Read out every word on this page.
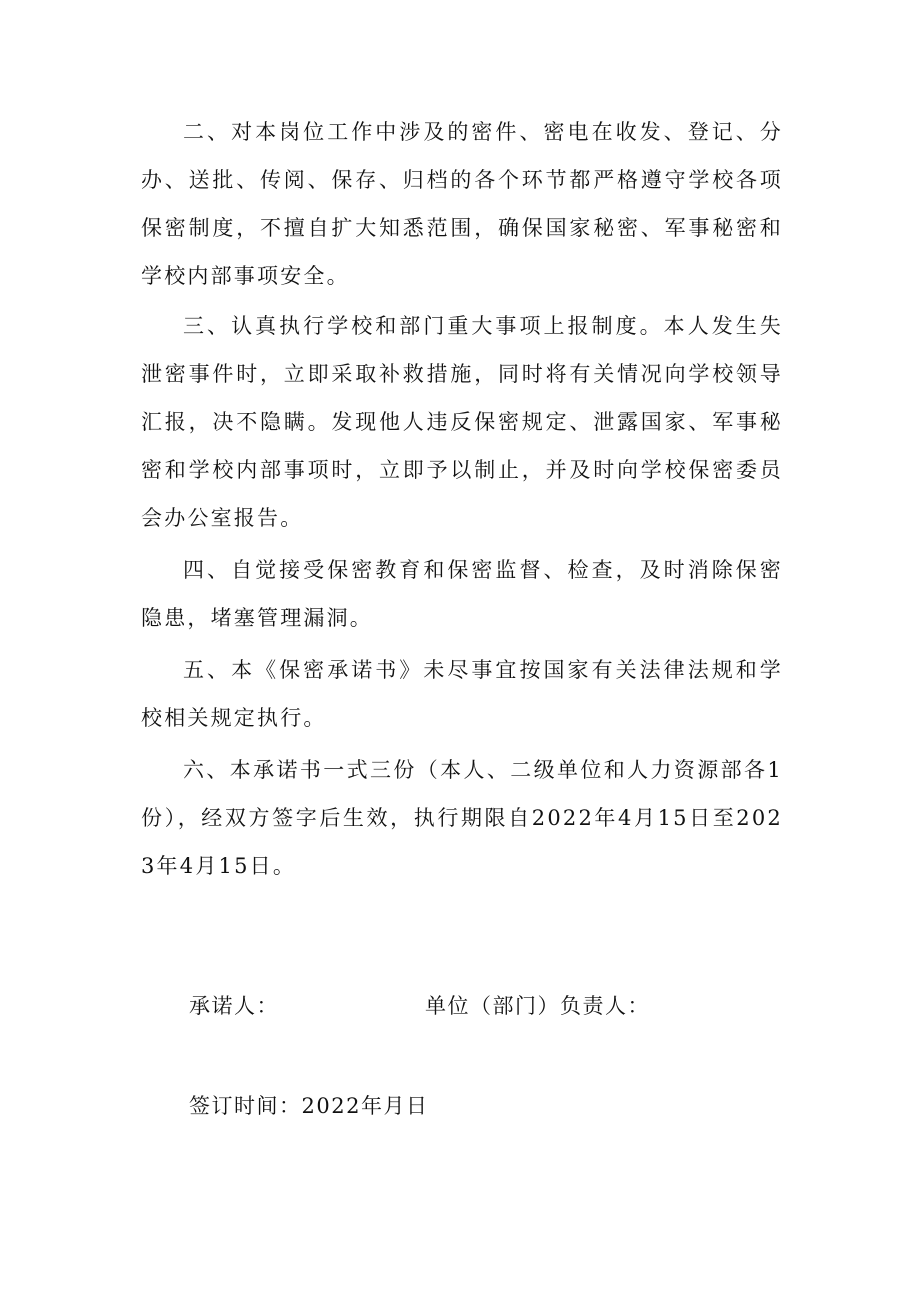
二、对本岗位工作中涉及的密件、密电在收发、登记、分办、送批、传阅、保存、归档的各个环节都严格遵守学校各项保密制度，不擅自扩大知悉范围，确保国家秘密、军事秘密和学校内部事项安全。

三、认真执行学校和部门重大事项上报制度。本人发生失泄密事件时，立即采取补救措施，同时将有关情况向学校领导汇报，决不隐瞒。发现他人违反保密规定、泄露国家、军事秘密和学校内部事项时，立即予以制止，并及时向学校保密委员会办公室报告。

四、自觉接受保密教育和保密监督、检查，及时消除保密隐患，堵塞管理漏洞。

五、本《保密承诺书》未尽事宜按国家有关法律法规和学校相关规定执行。

六、本承诺书一式三份（本人、二级单位和人力资源部各1份），经双方签字后生效，执行期限自2022年4月15日至2023年4月15日。

承诺人：	单位（部门）负责人：
签订时间：2022年月日
